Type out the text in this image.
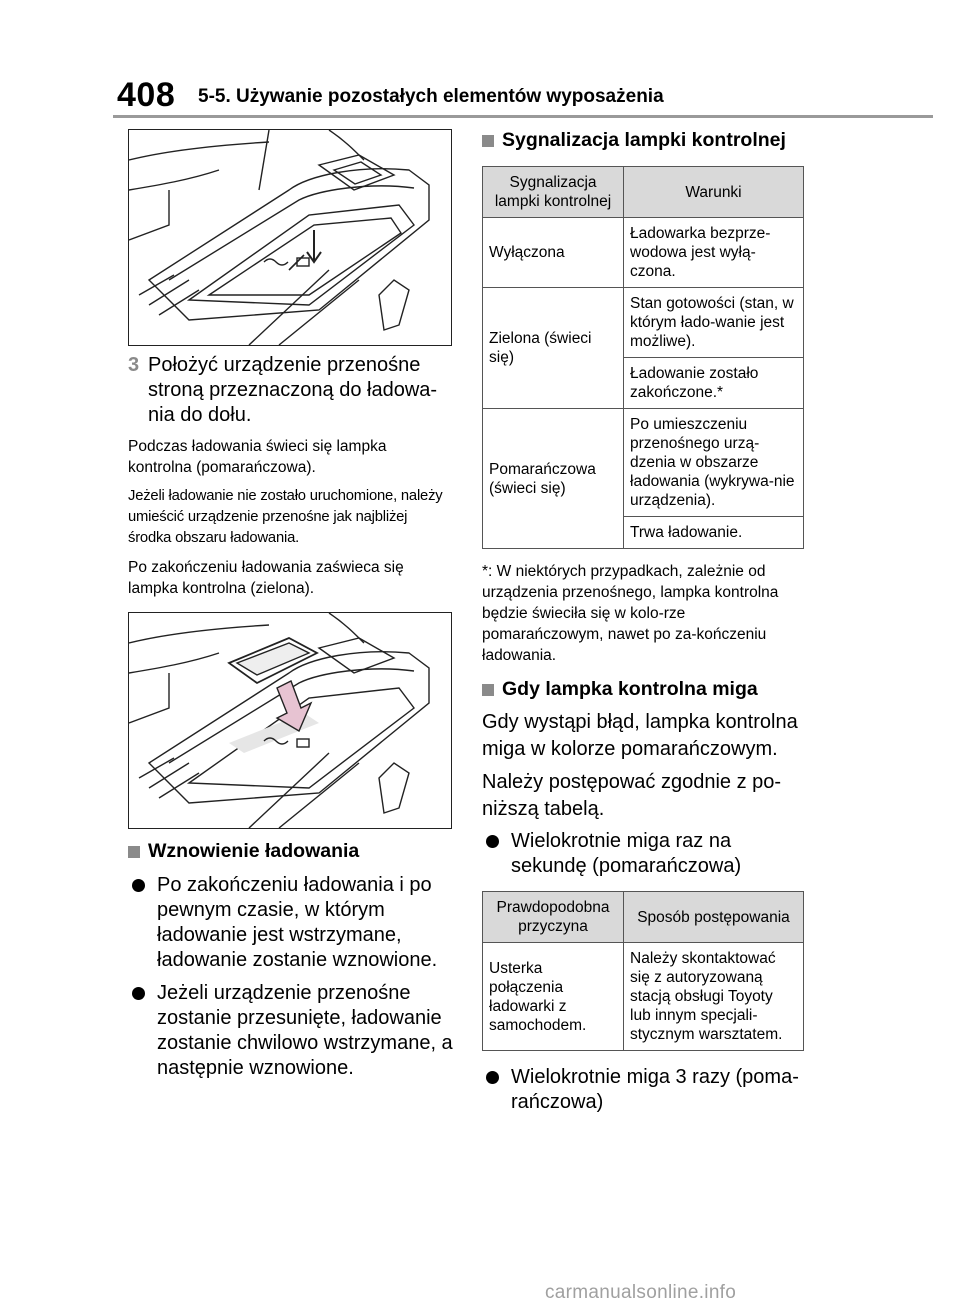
408 5-5. Używanie pozostałych elementów wyposażenia
3 Położyć urządzenie przenośne stroną przeznaczoną do ładowa-nia do dołu.

Podczas ładowania świeci się lampka kontrolna (pomarańczowa).

Jeżeli ładowanie nie zostało uruchomione, należy umieścić urządzenie przenośne jak najbliżej środka obszaru ładowania.

Po zakończeniu ładowania zaświeca się lampka kontrolna (zielona).

Wznowienie ładowania
Po zakończeniu ładowania i po pewnym czasie, w którym ładowanie jest wstrzymane, ładowanie zostanie wznowione.
Jeżeli urządzenie przenośne zostanie przesunięte, ładowanie zostanie chwilowo wstrzymane, a następnie wznowione.
Sygnalizacja lampki kontrolnej
Sygnalizacja lampki kontrolnej	Warunki
Wyłączona	Ładowarka bezprze-wodowa jest wyłą-czona.
Zielona (świeci się)	Stan gotowości (stan, w którym łado-wanie jest możliwe).
	Ładowanie zostało zakończone.*
Pomarańczowa (świeci się)	Po umieszczeniu przenośnego urzą-dzenia w obszarze ładowania (wykrywa-nie urządzenia).
	Trwa ładowanie.

*: W niektórych przypadkach, zależnie od urządzenia przenośnego, lampka kontrolna będzie świeciła się w kolo-rze pomarańczowym, nawet po za-kończeniu ładowania.

Gdy lampka kontrolna miga

Gdy wystąpi błąd, lampka kontrolna miga w kolorze pomarańczowym.

Należy postępować zgodnie z po-niższą tabelą.

Wielokrotnie miga raz na sekundę (pomarańczowa)
Prawdopodobna przyczyna	Sposób postępowania
Usterka połączenia ładowarki z samochodem.	Należy skontaktować się z autoryzowaną stacją obsługi Toyoty lub innym specjali-stycznym warsztatem.
Wielokrotnie miga 3 razy (poma-rańczowa)
carmanualsonline.info
